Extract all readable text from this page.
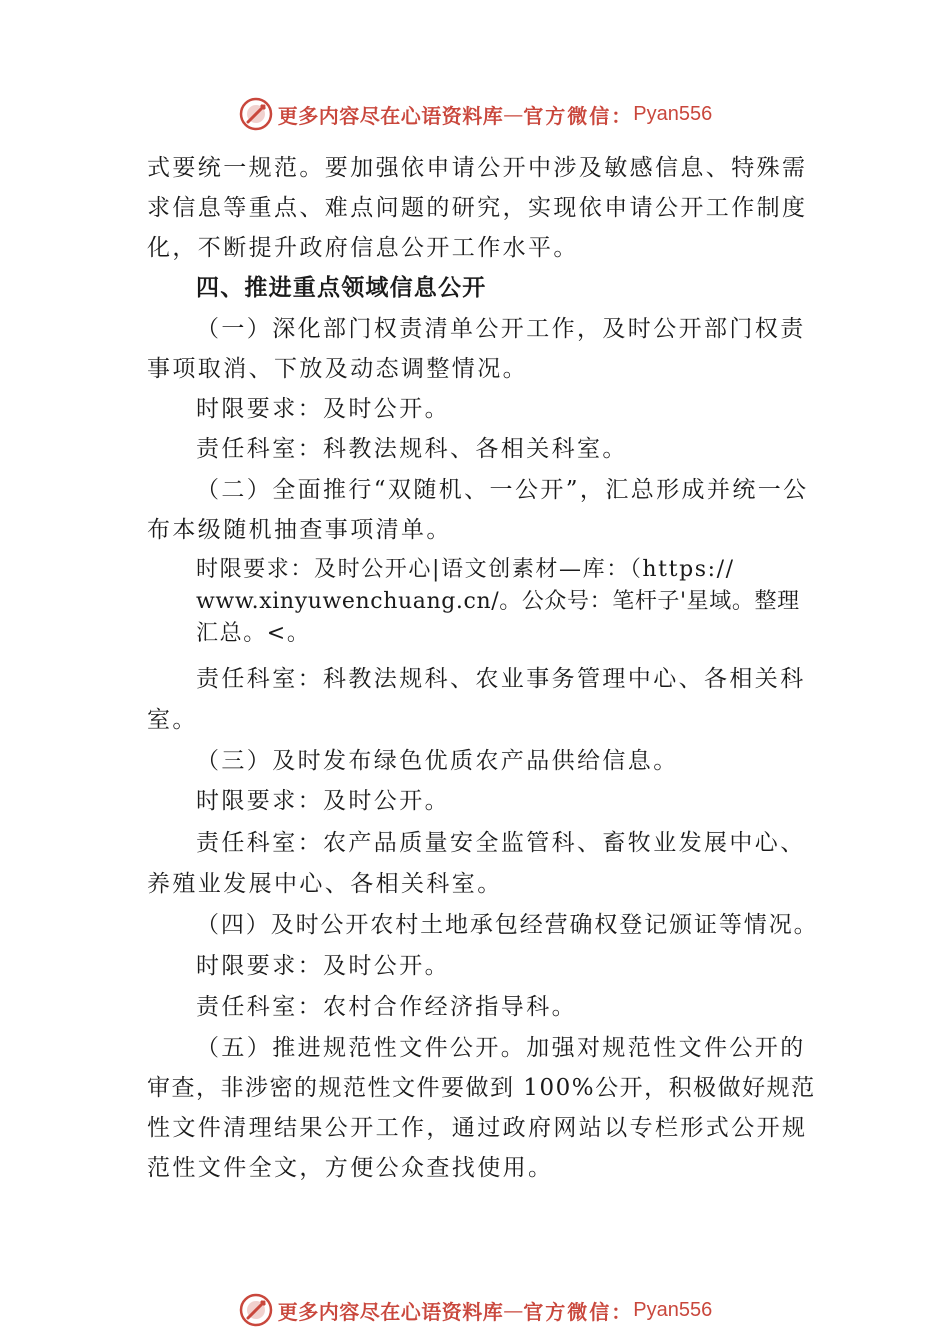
更多内容尽在心语资料库 — 官方微信： Pyan556
式要统一规范。要加强依申请公开中涉及敏感信息、特殊需
求信息等重点、难点问题的研究，实现依申请公开工作制度
化，不断提升政府信息公开工作水平。
四、推进重点领域信息公开
（一）深化部门权责清单公开工作，及时公开部门权责
事项取消、下放及动态调整情况。
时限要求：及时公开。
责任科室：科教法规科、各相关科室。
（二）全面推行“双随机、一公开”，汇总形成并统一公
布本级随机抽查事项清单。
时限要求：及时公开心|语文创素材—库：（https://
www.xinyuwenchuang.cn/。公众号：笔杆子'星域。整理
汇总。<。
责任科室：科教法规科、农业事务管理中心、各相关科
室。
（三）及时发布绿色优质农产品供给信息。
时限要求：及时公开。
责任科室：农产品质量安全监管科、畜牧业发展中心、
养殖业发展中心、各相关科室。
（四）及时公开农村土地承包经营确权登记颁证等情况。
时限要求：及时公开。
责任科室：农村合作经济指导科。
（五）推进规范性文件公开。加强对规范性文件公开的
审查，非涉密的规范性文件要做到 100%公开，积极做好规范
性文件清理结果公开工作，通过政府网站以专栏形式公开规
范性文件全文，方便公众查找使用。
更多内容尽在心语资料库 — 官方微信： Pyan556
